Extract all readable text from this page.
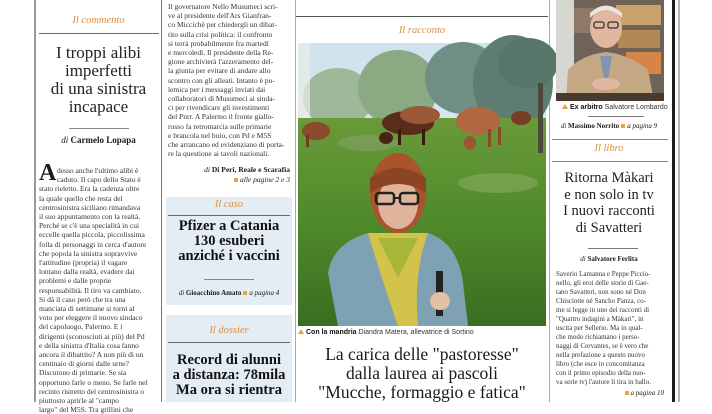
Il commento
I troppi alibi
imperfetti
di una sinistra
incapace
di Carmelo Lopapa
A desso anche l'ultimo alibi è
caduto. Il capo dello Stato è
stato rieletto. Era la cadenza oltre
la quale quello che resta del
centrosinistra siciliano rimandava
il suo appuntamento con la realtà.
Perché se c'è una specialità in cui
eccelle quella piccola, piccolissima
folla di personaggi in cerca d'autore
che popola la sinistra sopravvive
l'attitudine (propria) il vagare
lontano dalla realtà, evadere dai
problemi e dalle proprie
responsabilità. Il tiro va cambiato.
Si dà il caso però che tra una
manciata di settimane si torni al
voto per eleggere il nuovo sindaco
del capoluogo, Palermo. E i
dirigenti (sconosciuti ai più) del Pd
e della sinistra d'Italia cosa fanno
ancora il dibattito? A non più di un
centinaio di giorni dalle urne?
Discutono di primarie. Se sia
opportuno farle o meno. Se farle nel
recinto ristretto del centrosinistra o
piuttosto aprirle al "campo
largo" del M5S. Tra grillini che
Il governatore Nello Musumeci scri-
ve al presidente dell'Ars Gianfran-
co Miccichè per chiedergli un dibat-
tito sulla crisi politica: il confronto
si terrà probabilmente fra martedì
e mercoledì. Il presidente della Re-
gione archivierà l'azzeramento del-
la giunta per evitare di andare allo
scontro con gli alleati. Intanto è po-
lemica per i messaggi inviati dai
collaboratori di Musumeci ai sinda-
ci per rivendicare gli investimenti
del Pnrr. A Palermo il fronte giallo-
rosso fa retromarcia sulle primarie
e brancola nel buio, con Pd e M5S
che arrancano ed evidenziano di porta-
re la questione ai tavoli nazionali.
di Di Peri, Reale e Scarafia
alle pagine 2 e 3
Il caso
Pfizer a Catania
130 esuberi
anziché i vaccini
di Gioacchino Amato a pagina 4
Il dossier
Record di alunni
a distanza: 78mila
Ma ora si rientra
Il racconto
Con la mandria Diandra Matera, allevatrice di Sortino
La carica delle "pastoresse"
dalla laurea ai pascoli
"Mucche, formaggio e fatica"
Ex arbitro Salvatore Lombardo
di Massimo Norrito a pagina 9
Il libro
Ritorna Màkari
e non solo in tv
I nuovi racconti
di Savatteri
di Salvatore Ferlita
Saverio Lamanna e Peppe Piccio-
nello, gli eroi delle storie di Gae-
tano Savatteri, non sono né Don
Chisciotte né Sancho Panza, co-
me si legge in uno dei racconti di
"Quattro indagini a Màkari", in
uscita per Sellerio. Ma in qual-
che modo richiamano i perso-
naggi di Cervantes, se è vero che
nella prefazione a questo nuovo
libro (che esce in concomitanza
con il primo episodio della nuo-
va serie tv) l'autore li tira in ballo.
a pagina 10
